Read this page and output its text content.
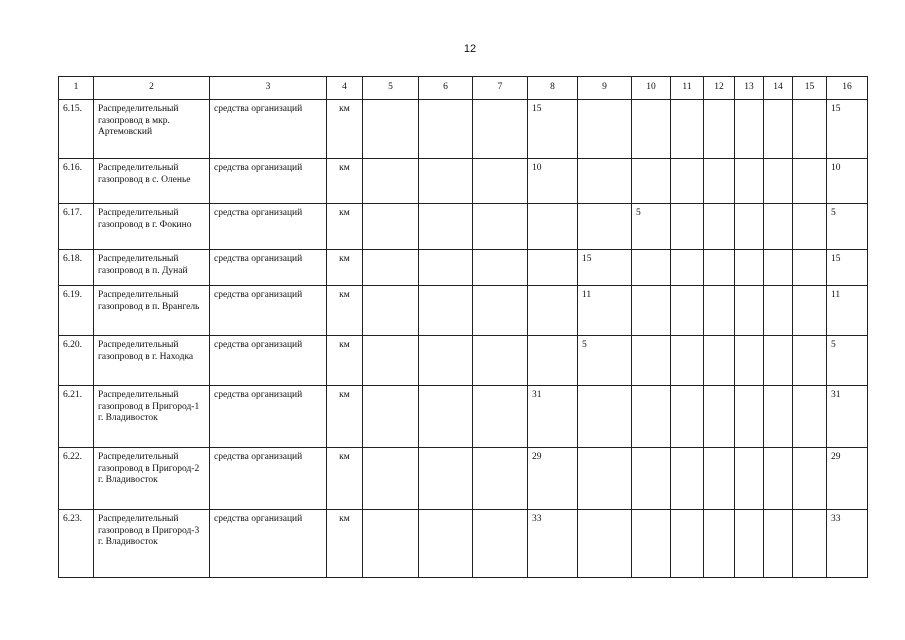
12
1	2	3	4	5	6	7	8	9	10	11	12	13	14	15	16
6.15.	Распределительный газопровод в мкр. Артемовский	средства организаций	км				15								15
6.16.	Распределительный газопровод в с. Оленье	средства организаций	км				10								10
6.17.	Распределительный газопровод в г. Фокино	средства организаций	км						5						5
6.18.	Распределительный газопровод в п. Дунай	средства организаций	км					15							15
6.19.	Распределительный газопровод в п. Врангель	средства организаций	км					11							11
6.20.	Распределительный газопровод в г. Находка	средства организаций	км					5							5
6.21.	Распределительный газопровод в Пригород-1 г. Владивосток	средства организаций	км				31								31
6.22.	Распределительный газопровод в Пригород-2 г. Владивосток	средства организаций	км				29								29
6.23.	Распределительный газопровод в Пригород-3 г. Владивосток	средства организаций	км				33								33
